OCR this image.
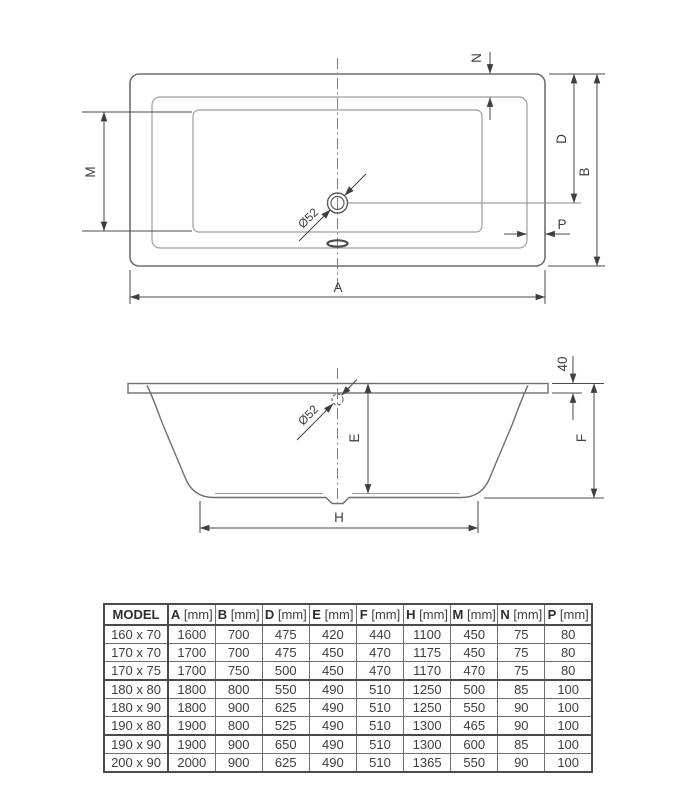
Ø52
M
N
D
B
P
A
Ø52
E
40
F
H
MODEL	A [mm]	B [mm]	D [mm]	E [mm]	F [mm]	H [mm]	M [mm]	N [mm]	P [mm]
160 x 70	1600	700	475	420	440	1100	450	75	80
170 x 70	1700	700	475	450	470	1175	450	75	80
170 x 75	1700	750	500	450	470	1170	470	75	80
180 x 80	1800	800	550	490	510	1250	500	85	100
180 x 90	1800	900	625	490	510	1250	550	90	100
190 x 80	1900	800	525	490	510	1300	465	90	100
190 x 90	1900	900	650	490	510	1300	600	85	100
200 x 90	2000	900	625	490	510	1365	550	90	100
